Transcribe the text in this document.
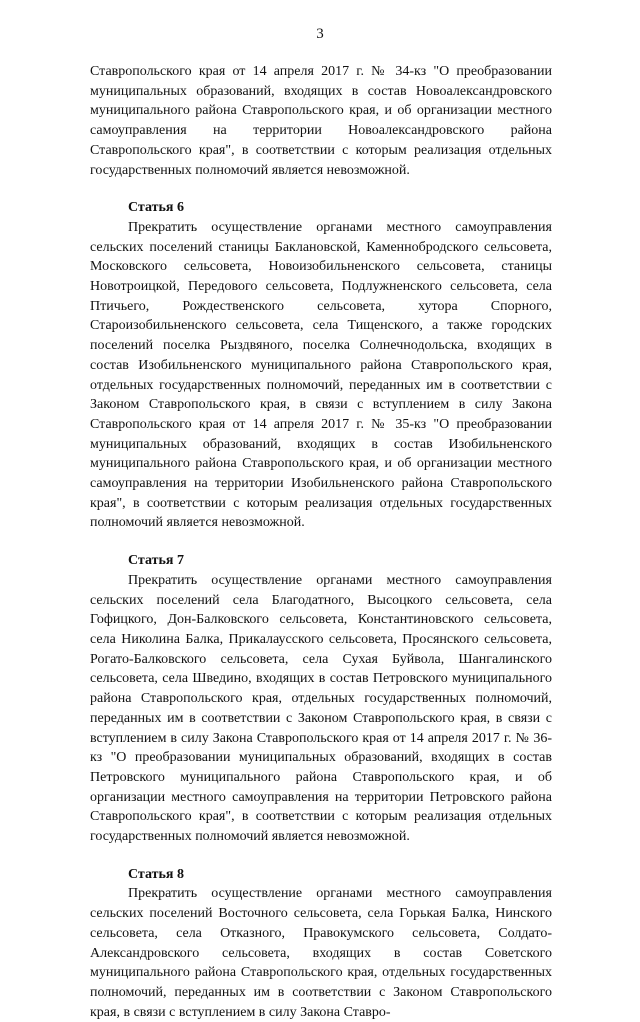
3

Ставропольского края от 14 апреля 2017 г. № 34-кз "О преобразовании муниципальных образований, входящих в состав Новоалександровского муниципального района Ставропольского края, и об организации местного самоуправления на территории Новоалександровского района Ставропольского края", в соответствии с которым реализация отдельных государственных полномочий является невозможной.

Статья 6

Прекратить осуществление органами местного самоуправления сельских поселений станицы Баклановской, Каменнобродского сельсовета, Московского сельсовета, Новоизобильненского сельсовета, станицы Новотроицкой, Передового сельсовета, Подлужненского сельсовета, села Птичьего, Рождественского сельсовета, хутора Спорного, Староизобильненского сельсовета, села Тищенского, а также городских поселений поселка Рыздвяного, поселка Солнечнодольска, входящих в состав Изобильненского муниципального района Ставропольского края, отдельных государственных полномочий, переданных им в соответствии с Законом Ставропольского края, в связи с вступлением в силу Закона Ставропольского края от 14 апреля 2017 г. № 35-кз "О преобразовании муниципальных образований, входящих в состав Изобильненского муниципального района Ставропольского края, и об организации местного самоуправления на территории Изобильненского района Ставропольского края", в соответствии с которым реализация отдельных государственных полномочий является невозможной.

Статья 7

Прекратить осуществление органами местного самоуправления сельских поселений села Благодатного, Высоцкого сельсовета, села Гофицкого, Дон-Балковского сельсовета, Константиновского сельсовета, села Николина Балка, Прикалаусского сельсовета, Просянского сельсовета, Рогато-Балковского сельсовета, села Сухая Буйвола, Шангалинского сельсовета, села Шведино, входящих в состав Петровского муниципального района Ставропольского края, отдельных государственных полномочий, переданных им в соответствии с Законом Ставропольского края, в связи с вступлением в силу Закона Ставропольского края от 14 апреля 2017 г. № 36-кз "О преобразовании муниципальных образований, входящих в состав Петровского муниципального района Ставропольского края, и об организации местного самоуправления на территории Петровского района Ставропольского края", в соответствии с которым реализация отдельных государственных полномочий является невозможной.

Статья 8

Прекратить осуществление органами местного самоуправления сельских поселений Восточного сельсовета, села Горькая Балка, Нинского сельсовета, села Отказного, Правокумского сельсовета, Солдато-Александровского сельсовета, входящих в состав Советского муниципального района Ставропольского края, отдельных государственных полномочий, переданных им в соответствии с Законом Ставропольского края, в связи с вступлением в силу Закона Ставро-
